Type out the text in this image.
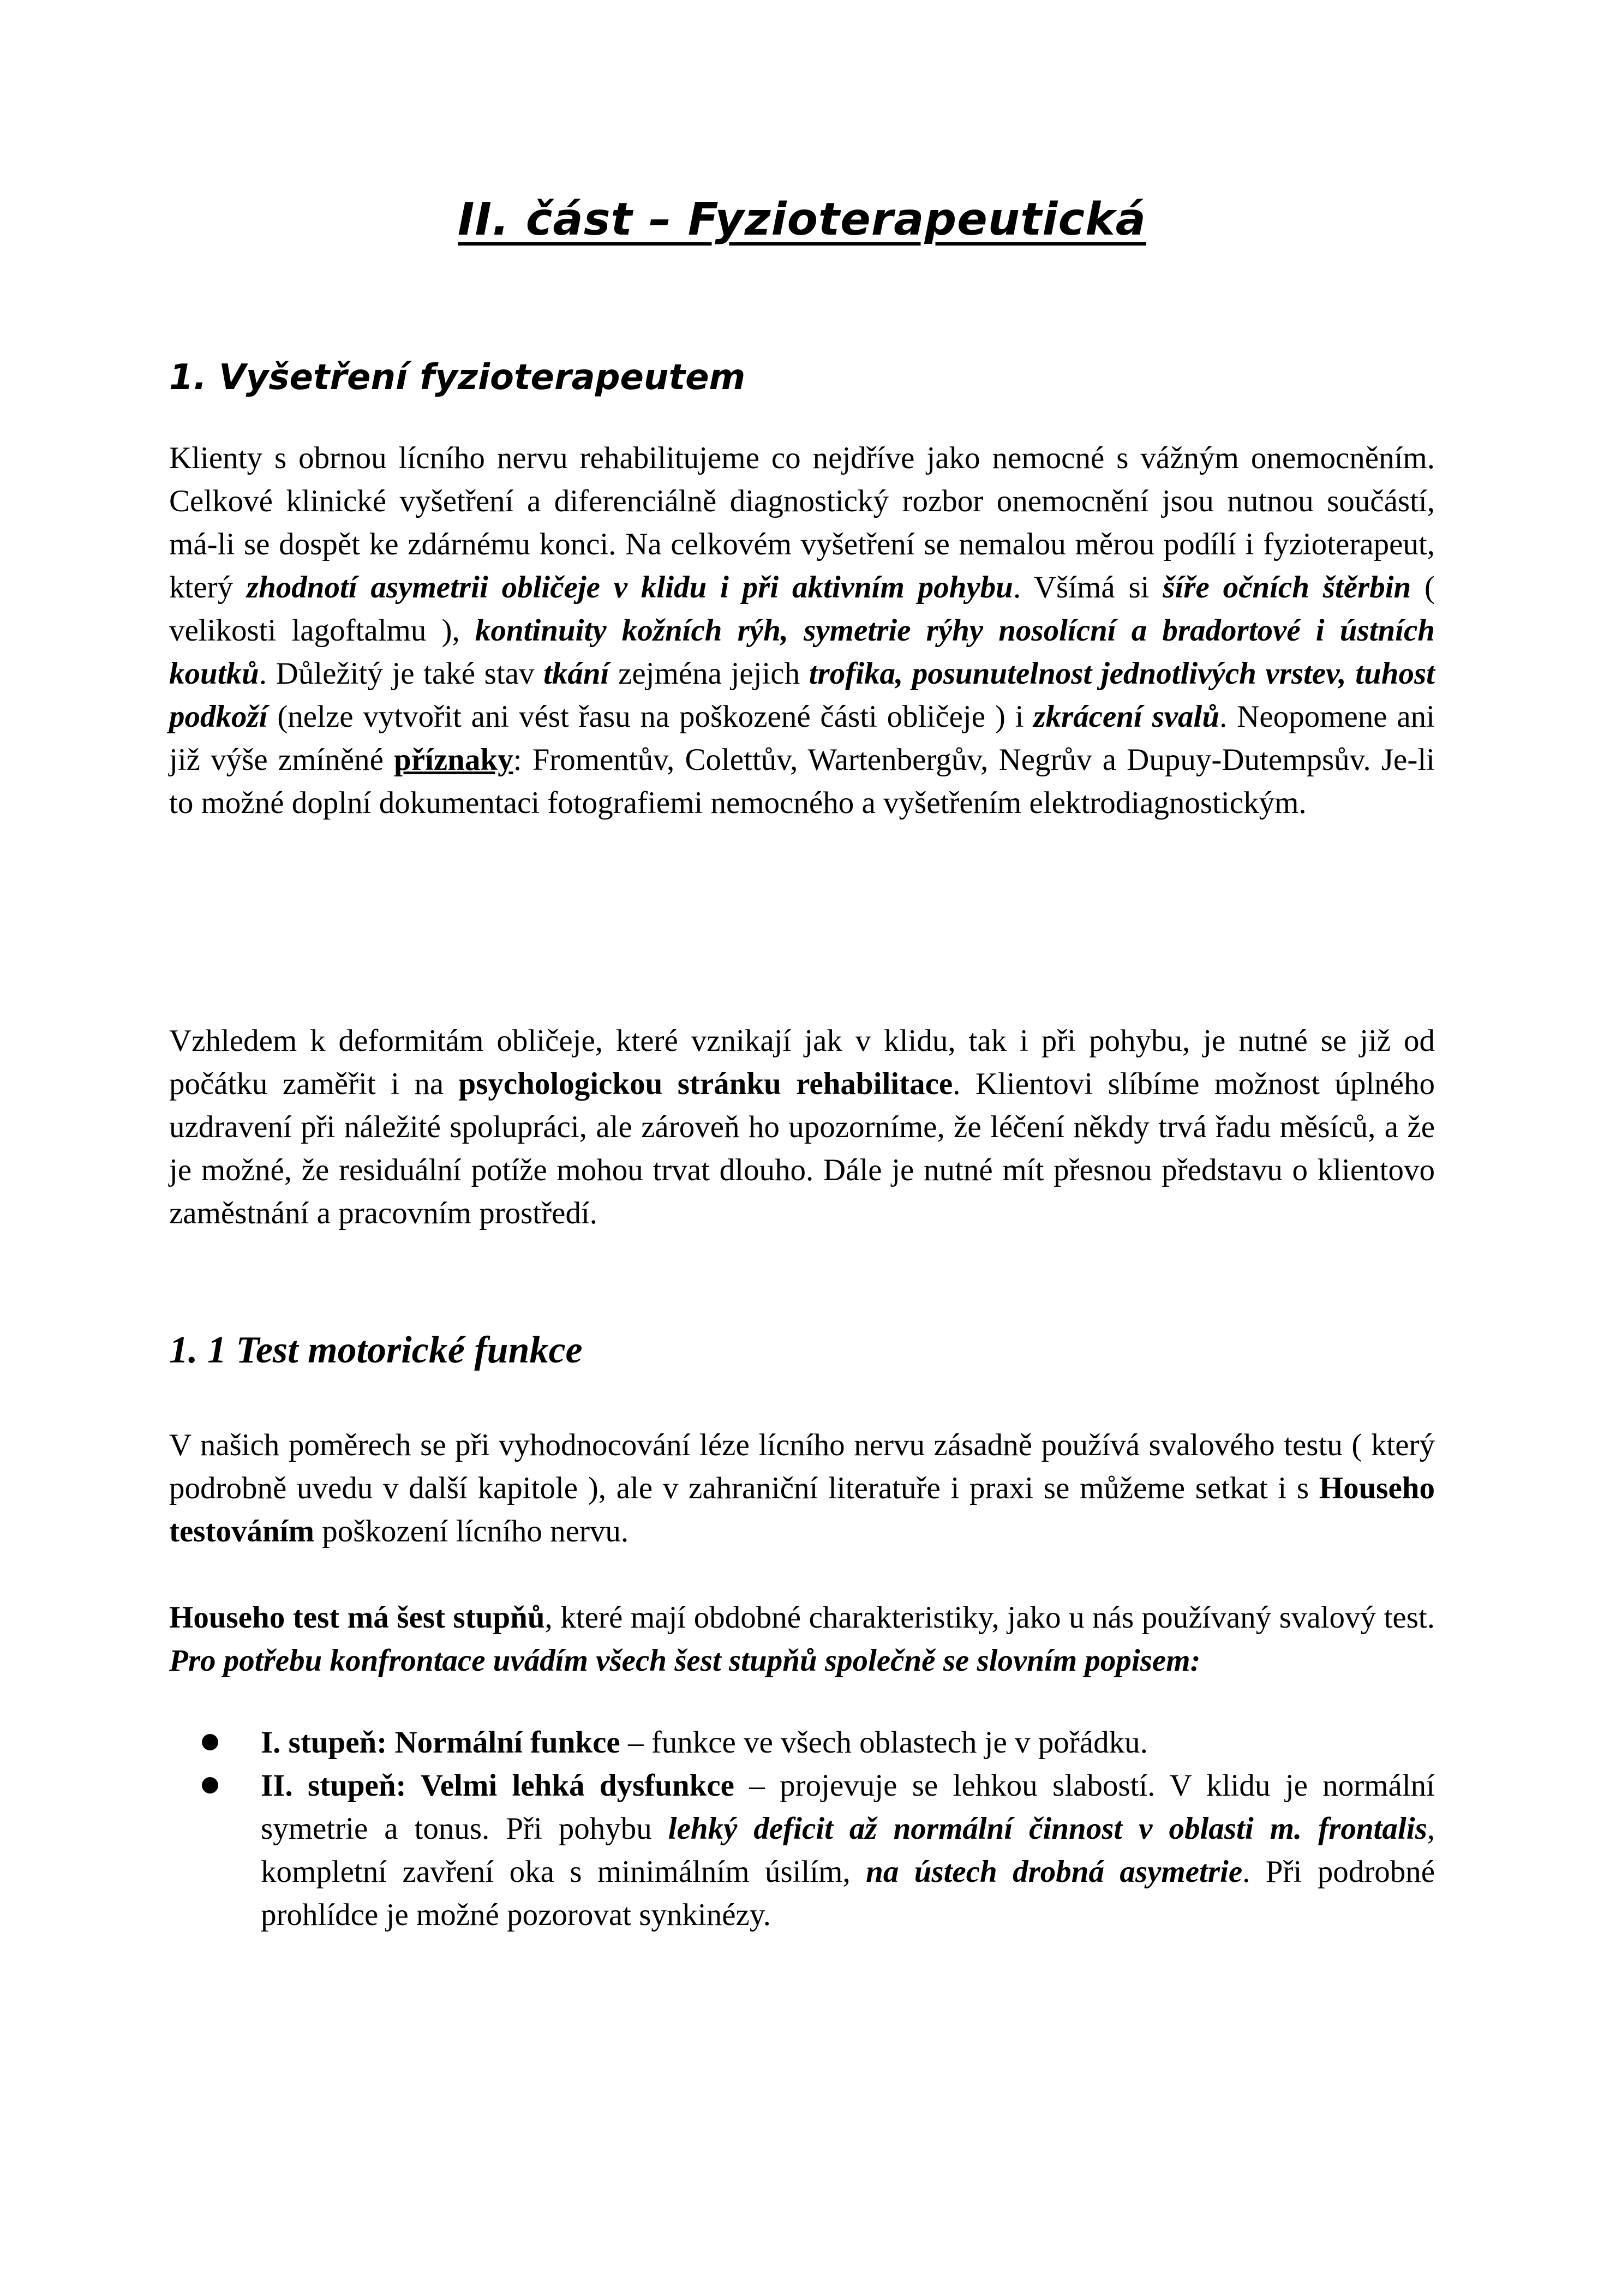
II. část – Fyzioterapeutická
1. Vyšetření fyzioterapeutem

Klienty s obrnou lícního nervu rehabilitujeme co nejdříve jako nemocné s vážným onemocněním. Celkové klinické vyšetření a diferenciálně diagnostický rozbor onemocnění jsou nutnou součástí, má-li se dospět ke zdárnému konci. Na celkovém vyšetření se nemalou měrou podílí i fyzioterapeut, který zhodnotí asymetrii obličeje v klidu i při aktivním pohybu. Všímá si šíře očních štěrbin ( velikosti lagoftalmu ), kontinuity kožních rýh, symetrie rýhy nosolícní a bradortové i ústních koutků. Důležitý je také stav tkání zejména jejich trofika, posunutelnost jednotlivých vrstev, tuhost podkoží (nelze vytvořit ani vést řasu na poškozené části obličeje ) i zkrácení svalů. Neopomene ani již výše zmíněné příznaky: Fromentův, Colettův, Wartenbergův, Negrův a Dupuy-Dutempsův. Je-li to možné doplní dokumentaci fotografiemi nemocného a vyšetřením elektrodiagnostickým.

Vzhledem k deformitám obličeje, které vznikají jak v klidu, tak i při pohybu, je nutné se již od počátku zaměřit i na psychologickou stránku rehabilitace. Klientovi slíbíme možnost úplného uzdravení při náležité spolupráci, ale zároveň ho upozorníme, že léčení někdy trvá řadu měsíců, a že je možné, že residuální potíže mohou trvat dlouho. Dále je nutné mít přesnou představu o klientovo zaměstnání a pracovním prostředí.

1. 1 Test motorické funkce

V našich poměrech se při vyhodnocování léze lícního nervu zásadně používá svalového testu ( který podrobně uvedu v další kapitole ), ale v zahraniční literatuře i praxi se můžeme setkat i s Househo testováním poškození lícního nervu.

Househo test má šest stupňů, které mají obdobné charakteristiky, jako u nás používaný svalový test. Pro potřebu konfrontace uvádím všech šest stupňů společně se slovním popisem:

I. stupeň: Normální funkce – funkce ve všech oblastech je v pořádku.
II. stupeň: Velmi lehká dysfunkce – projevuje se lehkou slabostí. V klidu je normální symetrie a tonus. Při pohybu lehký deficit až normální činnost v oblasti m. frontalis, kompletní zavření oka s minimálním úsilím, na ústech drobná asymetrie. Při podrobné prohlídce je možné pozorovat synkinézy.
